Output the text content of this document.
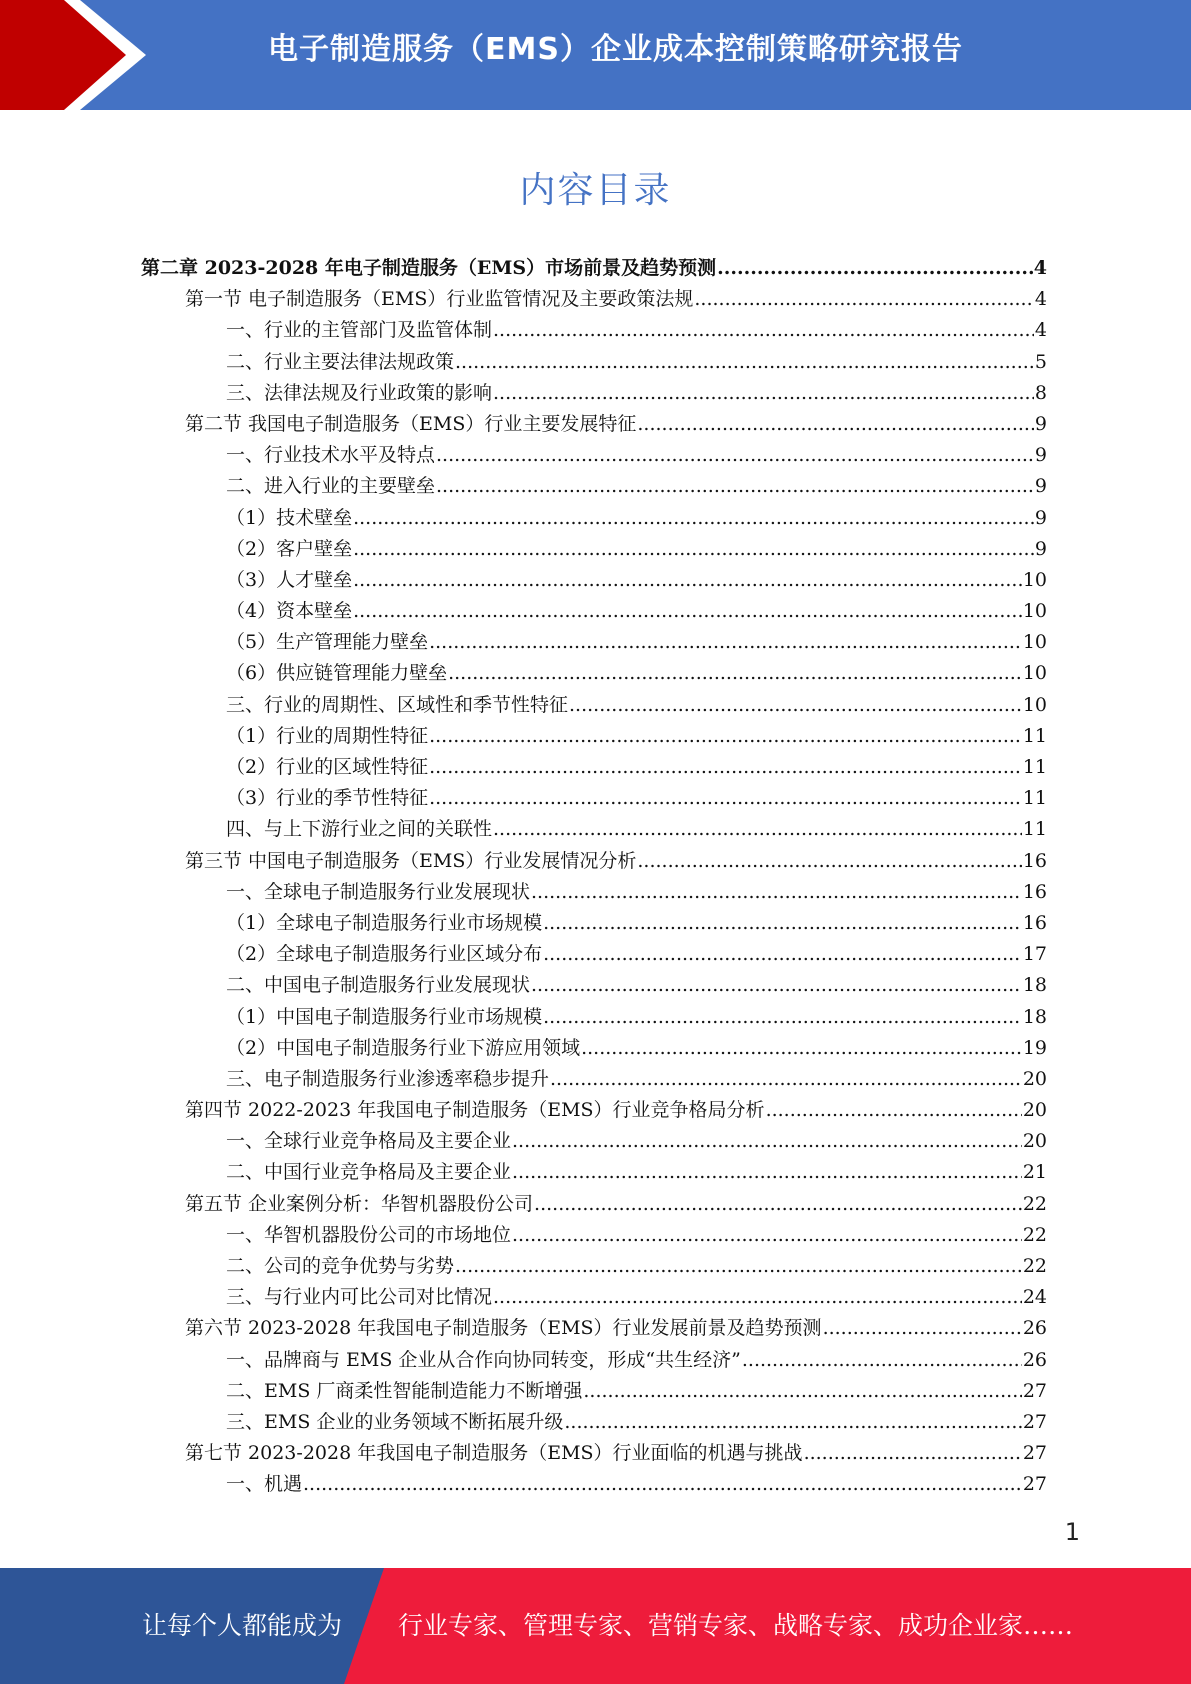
电子制造服务（EMS）企业成本控制策略研究报告
内容目录
第二章 2023-2028 年电子制造服务（EMS）市场前景及趋势预测 .....	4
第一节 电子制造服务（EMS）行业监管情况及主要政策法规 .....	4
一、行业的主管部门及监管体制 .....	4
二、行业主要法律法规政策 .....	5
三、法律法规及行业政策的影响 .....	8
第二节 我国电子制造服务（EMS）行业主要发展特征 .....	9
一、行业技术水平及特点 .....	9
二、进入行业的主要壁垒 .....	9
（1）技术壁垒 .....	9
（2）客户壁垒 .....	9
（3）人才壁垒 .....	10
（4）资本壁垒 .....	10
（5）生产管理能力壁垒 .....	10
（6）供应链管理能力壁垒 .....	10
三、行业的周期性、区域性和季节性特征 .....	10
（1）行业的周期性特征 .....	11
（2）行业的区域性特征 .....	11
（3）行业的季节性特征 .....	11
四、与上下游行业之间的关联性 .....	11
第三节 中国电子制造服务（EMS）行业发展情况分析 .....	16
一、全球电子制造服务行业发展现状 .....	16
（1）全球电子制造服务行业市场规模 .....	16
（2）全球电子制造服务行业区域分布 .....	17
二、中国电子制造服务行业发展现状 .....	18
（1）中国电子制造服务行业市场规模 .....	18
（2）中国电子制造服务行业下游应用领域 .....	19
三、电子制造服务行业渗透率稳步提升 .....	20
第四节 2022-2023 年我国电子制造服务（EMS）行业竞争格局分析 .....	20
一、全球行业竞争格局及主要企业 .....	20
二、中国行业竞争格局及主要企业 .....	21
第五节 企业案例分析：华智机器股份公司 .....	22
一、华智机器股份公司的市场地位 .....	22
二、公司的竞争优势与劣势 .....	22
三、与行业内可比公司对比情况 .....	24
第六节 2023-2028 年我国电子制造服务（EMS）行业发展前景及趋势预测 .....	26
一、品牌商与 EMS 企业从合作向协同转变，形成“共生经济” .....	26
二、EMS 厂商柔性智能制造能力不断增强 .....	27
三、EMS 企业的业务领域不断拓展升级 .....	27
第七节 2023-2028 年我国电子制造服务（EMS）行业面临的机遇与挑战 .....	27
一、机遇 .....	27
1
让每个人都能成为 行业专家、管理专家、营销专家、战略专家、成功企业家……
